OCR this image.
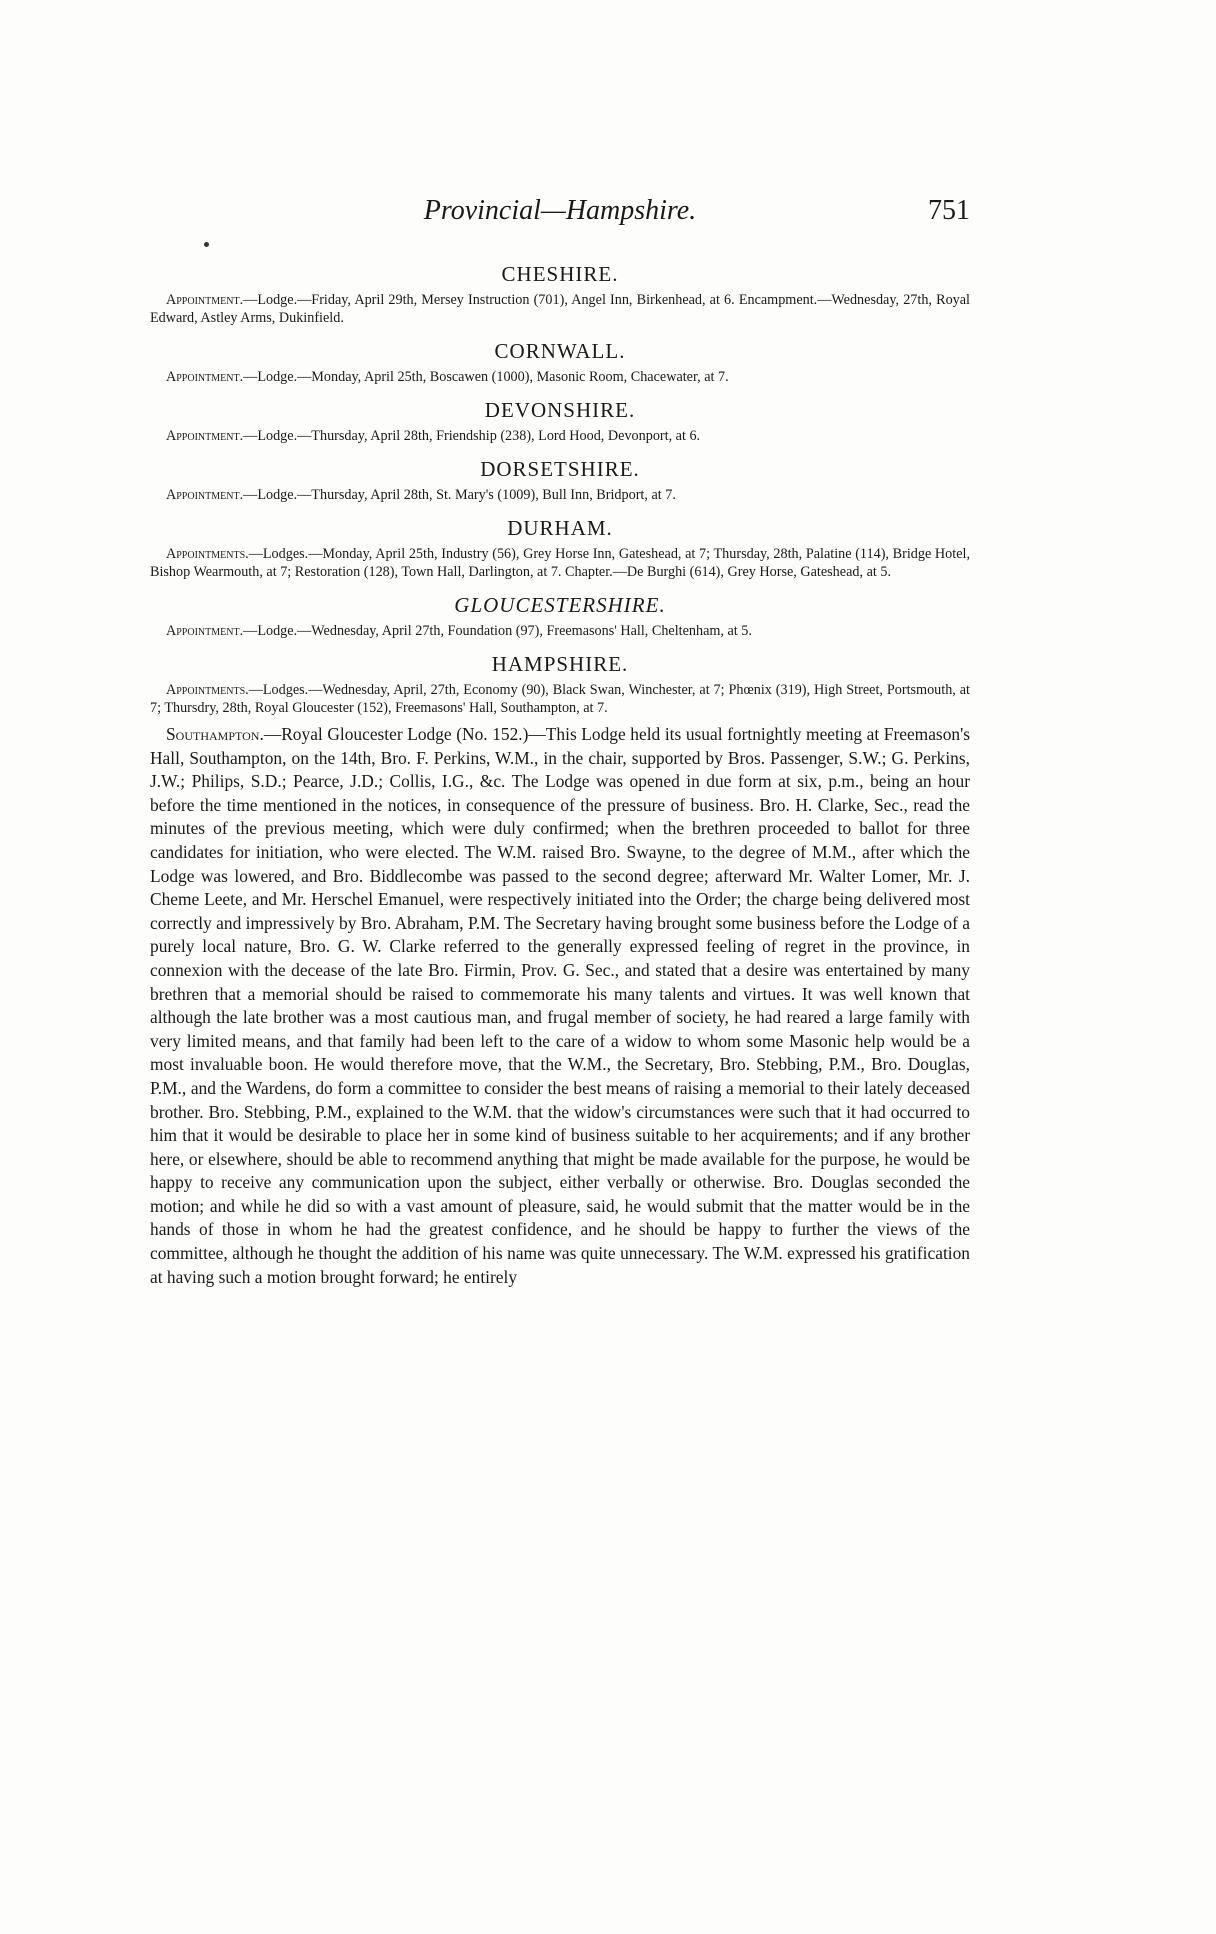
Provincial—Hampshire.	751
CHESHIRE.

Appointment.—Lodge.—Friday, April 29th, Mersey Instruction (701), Angel Inn, Birkenhead, at 6. Encampment.—Wednesday, 27th, Royal Edward, Astley Arms, Dukinfield.

CORNWALL.

Appointment.—Lodge.—Monday, April 25th, Boscawen (1000), Masonic Room, Chacewater, at 7.

DEVONSHIRE.

Appointment.—Lodge.—Thursday, April 28th, Friendship (238), Lord Hood, Devonport, at 6.

DORSETSHIRE.

Appointment.—Lodge.—Thursday, April 28th, St. Mary's (1009), Bull Inn, Bridport, at 7.

DURHAM.

Appointments.—Lodges.—Monday, April 25th, Industry (56), Grey Horse Inn, Gateshead, at 7; Thursday, 28th, Palatine (114), Bridge Hotel, Bishop Wearmouth, at 7; Restoration (128), Town Hall, Darlington, at 7. Chapter.—De Burghi (614), Grey Horse, Gateshead, at 5.

GLOUCESTERSHIRE.

Appointment.—Lodge.—Wednesday, April 27th, Foundation (97), Freemasons' Hall, Cheltenham, at 5.

HAMPSHIRE.

Appointments.—Lodges.—Wednesday, April, 27th, Economy (90), Black Swan, Winchester, at 7; Phœnix (319), High Street, Portsmouth, at 7; Thursdry, 28th, Royal Gloucester (152), Freemasons' Hall, Southampton, at 7.

Southampton.—Royal Gloucester Lodge (No. 152.)—This Lodge held its usual fortnightly meeting at Freemason's Hall, Southampton, on the 14th, Bro. F. Perkins, W.M., in the chair, supported by Bros. Passenger, S.W.; G. Perkins, J.W.; Philips, S.D.; Pearce, J.D.; Collis, I.G., &c. The Lodge was opened in due form at six, p.m., being an hour before the time mentioned in the notices, in consequence of the pressure of business. Bro. H. Clarke, Sec., read the minutes of the previous meeting, which were duly confirmed; when the brethren proceeded to ballot for three candidates for initiation, who were elected. The W.M. raised Bro. Swayne, to the degree of M.M., after which the Lodge was lowered, and Bro. Biddlecombe was passed to the second degree; afterward Mr. Walter Lomer, Mr. J. Cheme Leete, and Mr. Herschel Emanuel, were respectively initiated into the Order; the charge being delivered most correctly and impressively by Bro. Abraham, P.M. The Secretary having brought some business before the Lodge of a purely local nature, Bro. G. W. Clarke referred to the generally expressed feeling of regret in the province, in connexion with the decease of the late Bro. Firmin, Prov. G. Sec., and stated that a desire was entertained by many brethren that a memorial should be raised to commemorate his many talents and virtues. It was well known that although the late brother was a most cautious man, and frugal member of society, he had reared a large family with very limited means, and that family had been left to the care of a widow to whom some Masonic help would be a most invaluable boon. He would therefore move, that the W.M., the Secretary, Bro. Stebbing, P.M., Bro. Douglas, P.M., and the Wardens, do form a committee to consider the best means of raising a memorial to their lately deceased brother. Bro. Stebbing, P.M., explained to the W.M. that the widow's circumstances were such that it had occurred to him that it would be desirable to place her in some kind of business suitable to her acquirements; and if any brother here, or elsewhere, should be able to recommend anything that might be made available for the purpose, he would be happy to receive any communication upon the subject, either verbally or otherwise. Bro. Douglas seconded the motion; and while he did so with a vast amount of pleasure, said, he would submit that the matter would be in the hands of those in whom he had the greatest confidence, and he should be happy to further the views of the committee, although he thought the addition of his name was quite unnecessary. The W.M. expressed his gratification at having such a motion brought forward; he entirely
